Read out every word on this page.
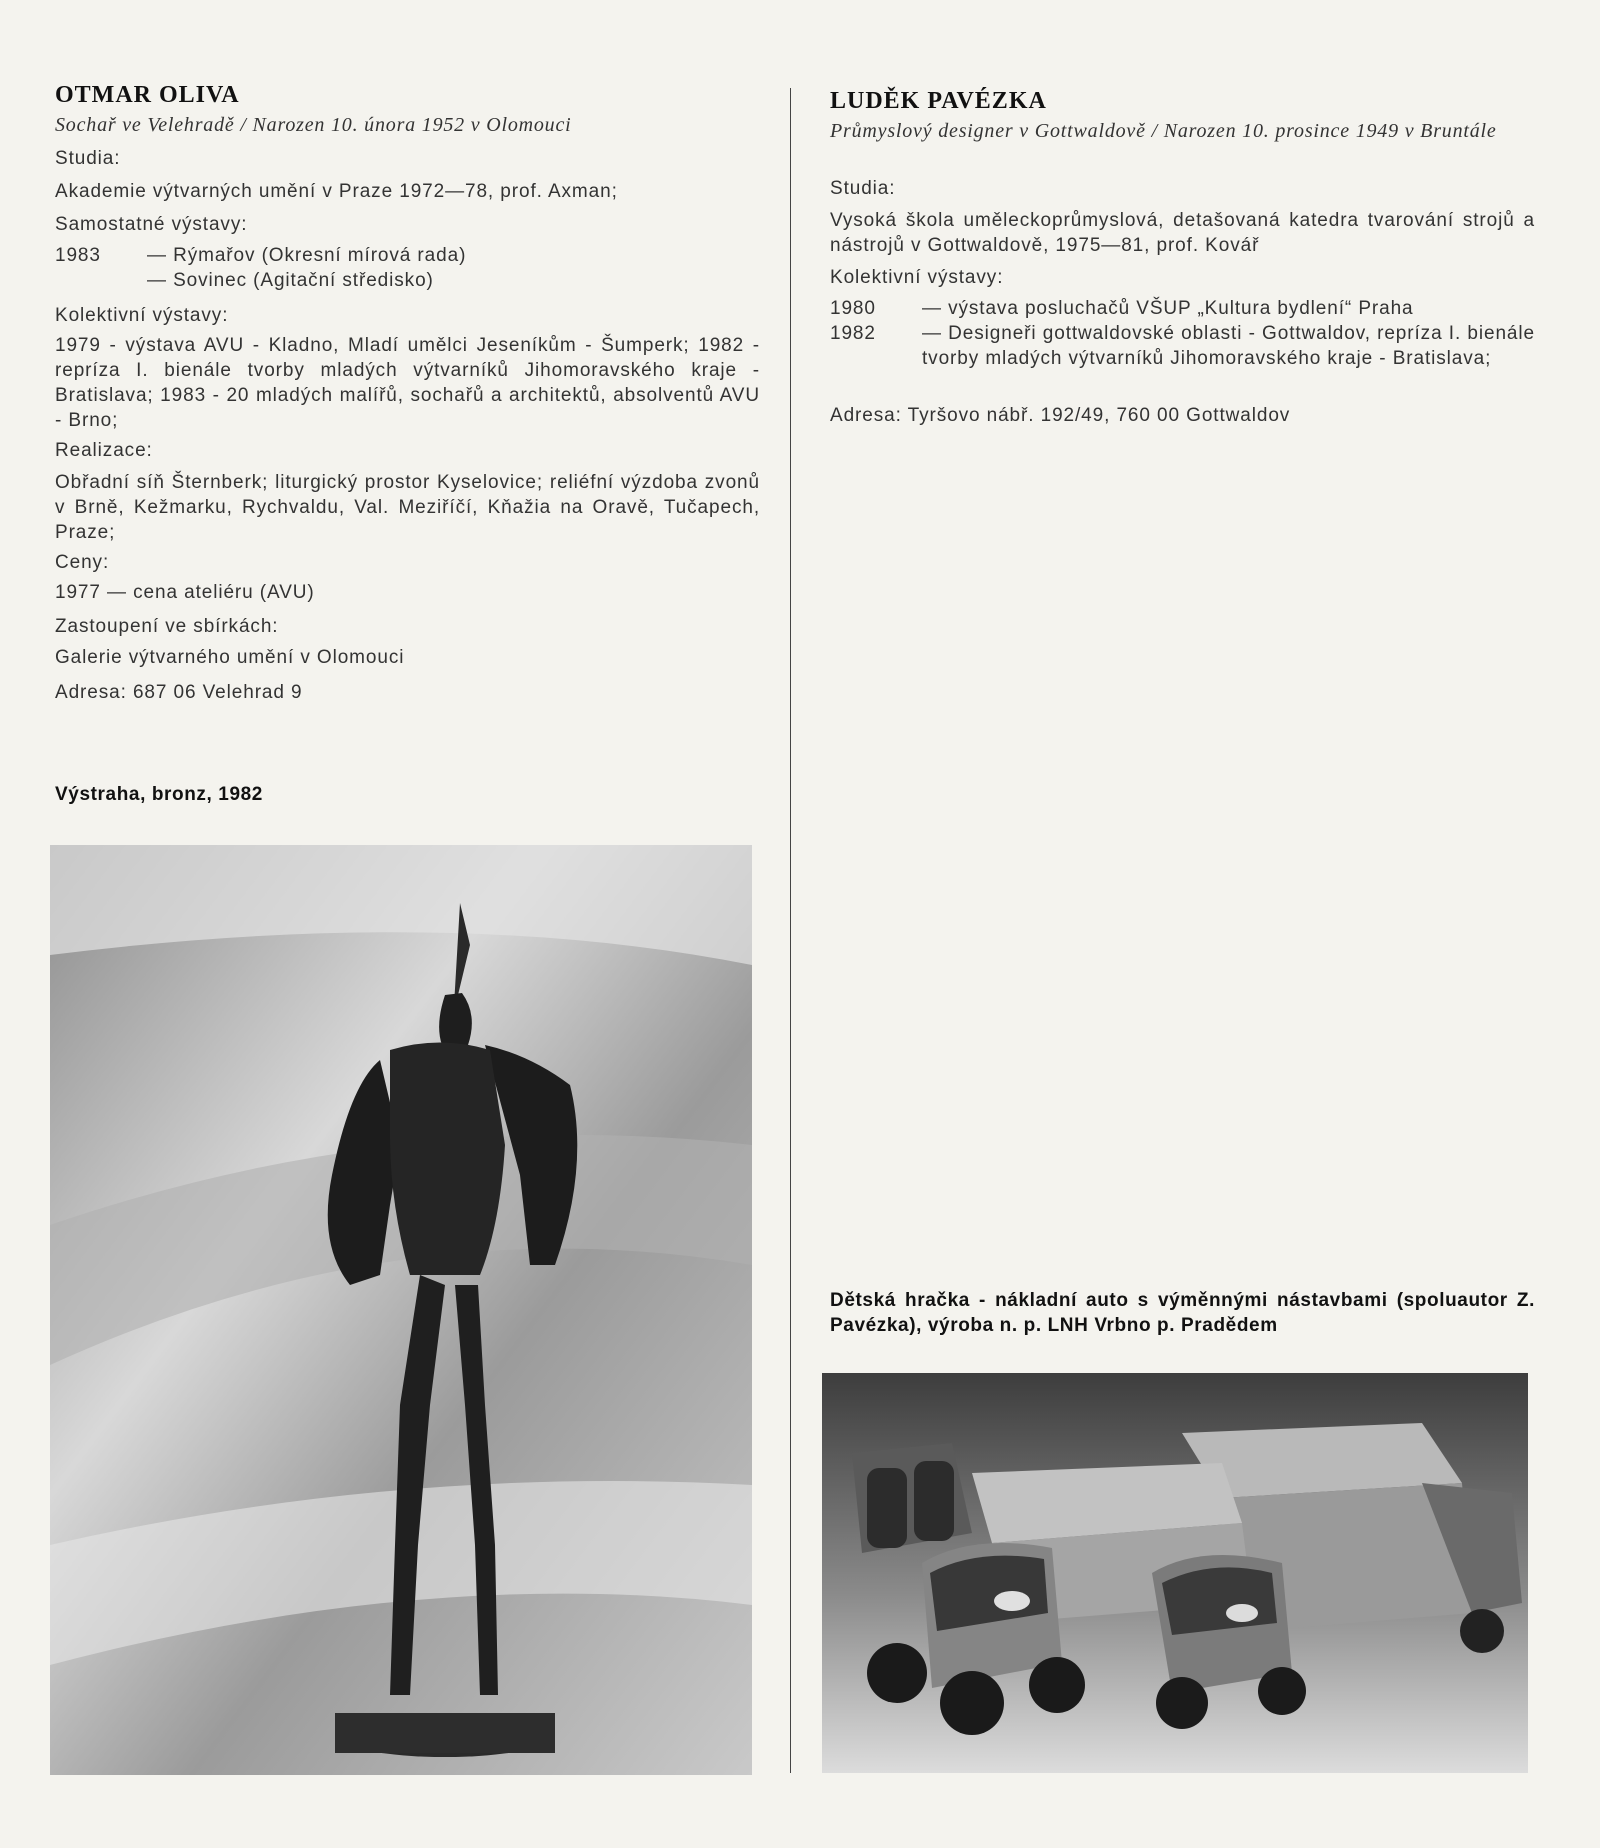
OTMAR OLIVA
Sochař ve Velehradě / Narozen 10. února 1952 v Olomouci
Studia:
Akademie výtvarných umění v Praze 1972—78, prof. Axman;
Samostatné výstavy:
1983 — Rýmařov (Okresní mírová rada)
— Sovinec (Agitační středisko)
Kolektivní výstavy:
1979 - výstava AVU - Kladno, Mladí umělci Jeseníkům - Šumperk; 1982 - repríza I. bienále tvorby mladých výtvarníků Jihomoravského kraje - Bratislava; 1983 - 20 mladých malířů, sochařů a architektů, absolventů AVU - Brno;
Realizace:
Obřadní síň Šternberk; liturgický prostor Kyselovice; reliéfní výzdoba zvonů v Brně, Kežmarku, Rychvaldu, Val. Meziříčí, Kňažia na Oravě, Tučapech, Praze;
Ceny:
1977 — cena ateliéru (AVU)
Zastoupení ve sbírkách:
Galerie výtvarného umění v Olomouci
Adresa: 687 06 Velehrad 9
Výstraha, bronz, 1982
LUDĚK PAVÉZKA
Průmyslový designer v Gottwaldově / Narozen 10. prosince 1949 v Bruntále
Studia:
Vysoká škola uměleckoprůmyslová, detašovaná katedra tvarování strojů a nástrojů v Gottwaldově, 1975—81, prof. Kovář
Kolektivní výstavy:
1980 — výstava posluchačů VŠUP „Kultura bydlení“ Praha
1982 — Designeři gottwaldovské oblasti - Gottwaldov, repríza I. bienále tvorby mladých výtvarníků Jihomoravského kraje - Bratislava;
Adresa: Tyršovo nábř. 192/49, 760 00 Gottwaldov
Dětská hračka - nákladní auto s výměnnými nástavbami (spoluautor Z. Pavézka), výroba n. p. LNH Vrbno p. Pradědem
